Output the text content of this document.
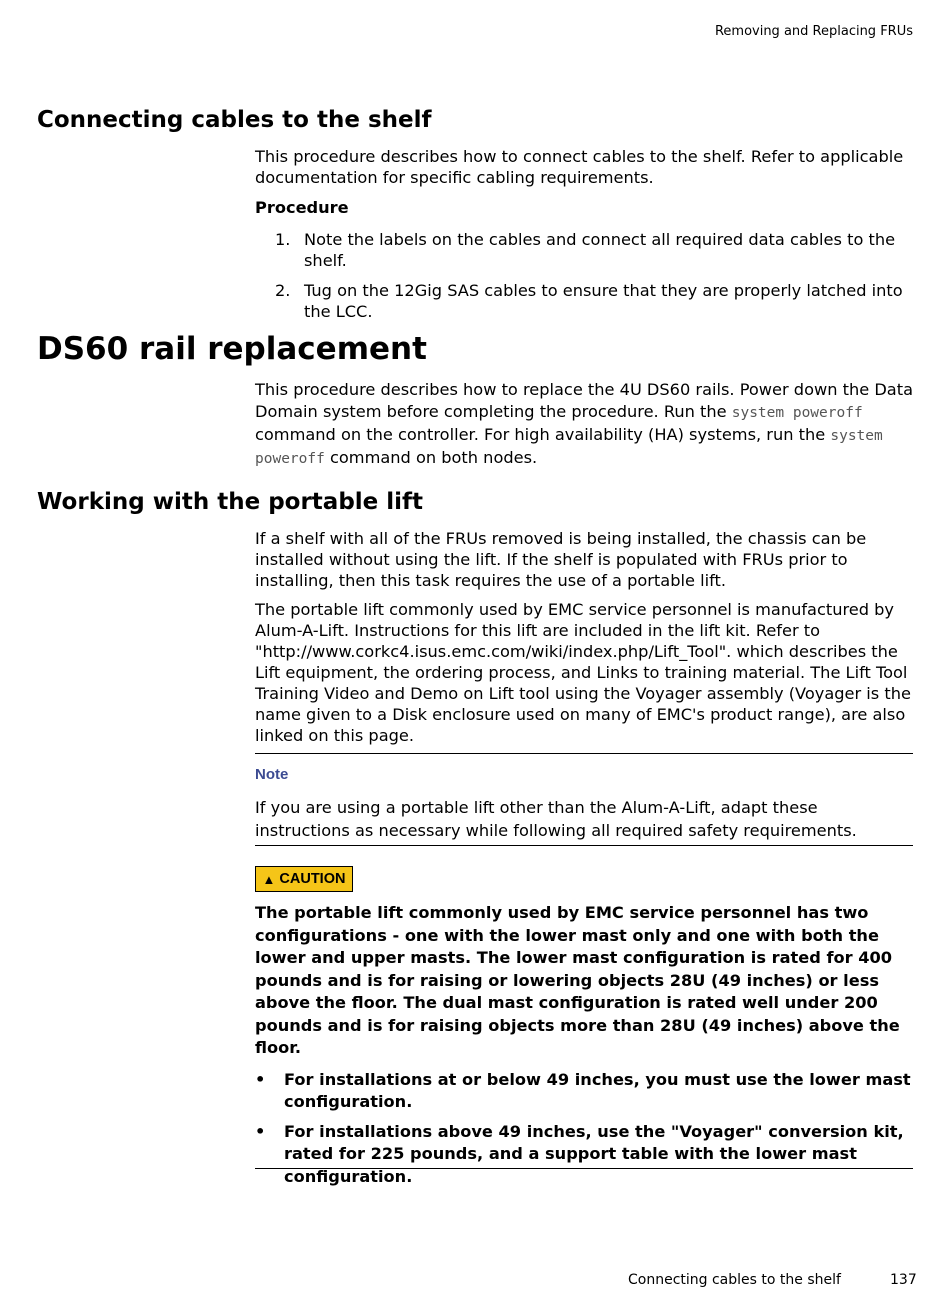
Removing and Replacing FRUs
Connecting cables to the shelf

This procedure describes how to connect cables to the shelf. Refer to applicable documentation for specific cabling requirements.

Procedure

1. Note the labels on the cables and connect all required data cables to the shelf.
2. Tug on the 12Gig SAS cables to ensure that they are properly latched into the LCC.
DS60 rail replacement

This procedure describes how to replace the 4U DS60 rails. Power down the Data Domain system before completing the procedure. Run the system poweroff
command on the controller. For high availability (HA) systems, run the system poweroff command on both nodes.

Working with the portable lift

If a shelf with all of the FRUs removed is being installed, the chassis can be installed without using the lift. If the shelf is populated with FRUs prior to installing, then this task requires the use of a portable lift.

The portable lift commonly used by EMC service personnel is manufactured by Alum-A-Lift. Instructions for this lift are included in the lift kit. Refer to "http://www.corkc4.isus.emc.com/wiki/index.php/Lift_Tool". which describes the Lift equipment, the ordering process, and Links to training material. The Lift Tool Training Video and Demo on Lift tool using the Voyager assembly (Voyager is the name given to a Disk enclosure used on many of EMC's product range), are also linked on this page.

Note
If you are using a portable lift other than the Alum-A-Lift, adapt these instructions as necessary while following all required safety requirements.
▲ CAUTION

The portable lift commonly used by EMC service personnel has two configurations - one with the lower mast only and one with both the lower and upper masts. The lower mast configuration is rated for 400 pounds and is for raising or lowering objects 28U (49 inches) or less above the floor. The dual mast configuration is rated well under 200 pounds and is for raising objects more than 28U (49 inches) above the floor.

• For installations at or below 49 inches, you must use the lower mast configuration.
• For installations above 49 inches, use the "Voyager" conversion kit, rated for 225 pounds, and a support table with the lower mast configuration.
Connecting cables to the shelf	137
